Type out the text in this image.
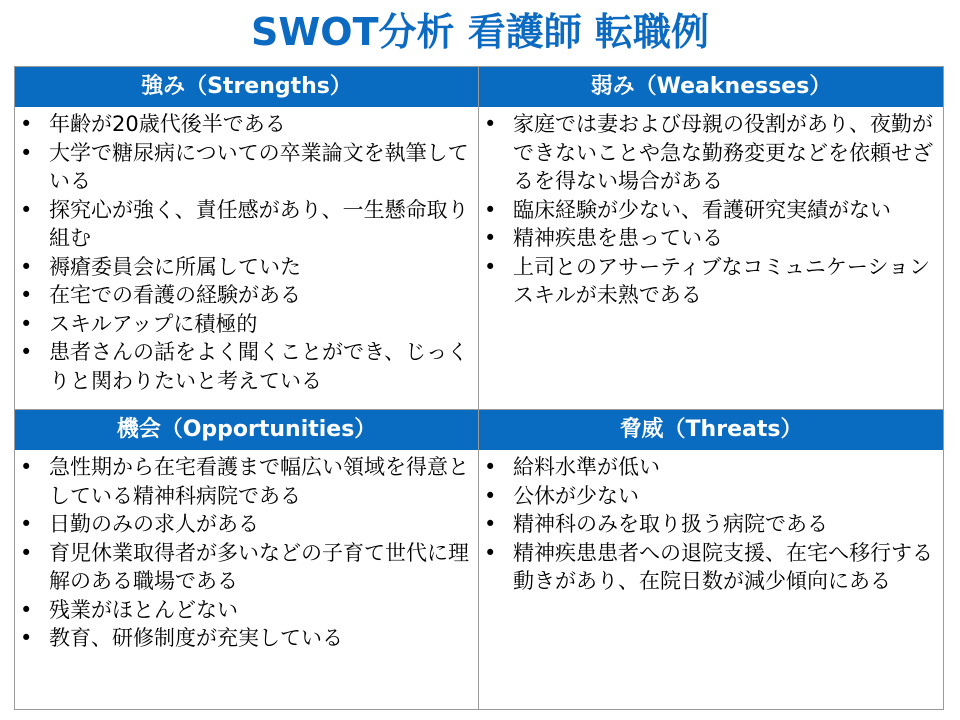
SWOT分析 看護師 転職例
強み（Strengths）	弱み（Weaknesses）
機会（Opportunities）	脅威（Threats）
• 年齢が20歳代後半である
• 大学で糖尿病についての卒業論文を執筆している
• 探究心が強く、責任感があり、一生懸命取り組む
• 褥瘡委員会に所属していた
• 在宅での看護の経験がある
• スキルアップに積極的
• 患者さんの話をよく聞くことができ、じっくりと関わりたいと考えている
• 家庭では妻および母親の役割があり、夜勤ができないことや急な勤務変更などを依頼せざるを得ない場合がある
• 臨床経験が少ない、看護研究実績がない
• 精神疾患を患っている
• 上司とのアサーティブなコミュニケーションスキルが未熟である
• 急性期から在宅看護まで幅広い領域を得意としている精神科病院である
• 日勤のみの求人がある
• 育児休業取得者が多いなどの子育て世代に理解のある職場である
• 残業がほとんどない
• 教育、研修制度が充実している
• 給料水準が低い
• 公休が少ない
• 精神科のみを取り扱う病院である
• 精神疾患患者への退院支援、在宅へ移行する動きがあり、在院日数が減少傾向にある
